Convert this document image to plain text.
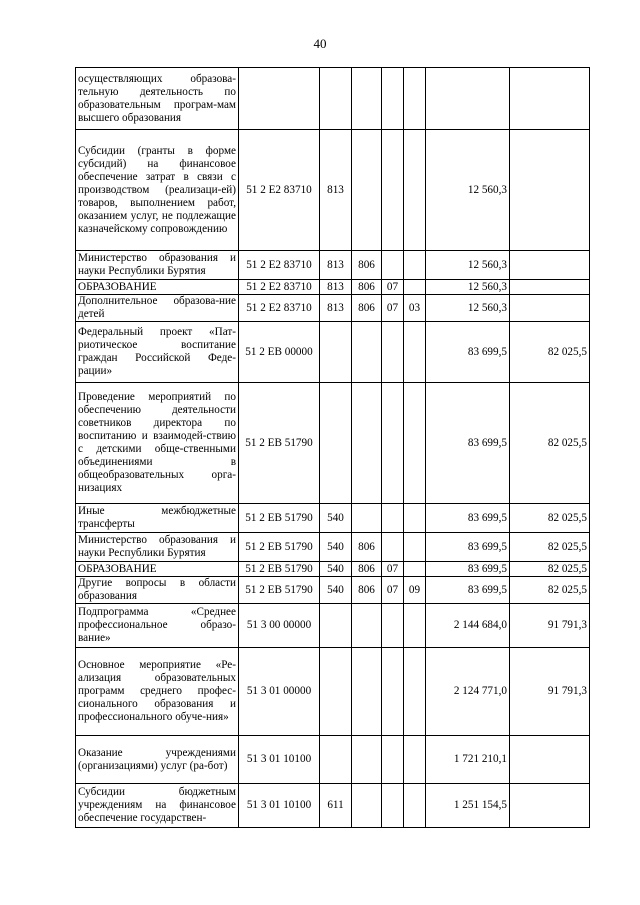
40
осуществляющих образова-тельную деятельность по образовательным програм-мам высшего образования							
Субсидии (гранты в форме субсидий) на финансовое обеспечение затрат в связи с производством (реализаци-ей) товаров, выполнением работ, оказанием услуг, не подлежащие казначейскому сопровождению	51 2 Е2 83710	813				12 560,3	
Министерство образования и науки Республики Бурятия	51 2 Е2 83710	813	806			12 560,3	
ОБРАЗОВАНИЕ	51 2 Е2 83710	813	806	07		12 560,3	
Дополнительное образова-ние детей	51 2 Е2 83710	813	806	07	03	12 560,3	
Федеральный проект «Пат-риотическое воспитание граждан Российской Феде-рации»	51 2 ЕВ 00000					83 699,5	82 025,5
Проведение мероприятий по обеспечению деятельности советников директора по воспитанию и взаимодей-ствию с детскими обще-ственными объединениями в общеобразовательных орга-низациях	51 2 ЕВ 51790					83 699,5	82 025,5
Иные межбюджетные трансферты	51 2 ЕВ 51790	540				83 699,5	82 025,5
Министерство образования и науки Республики Бурятия	51 2 ЕВ 51790	540	806			83 699,5	82 025,5
ОБРАЗОВАНИЕ	51 2 ЕВ 51790	540	806	07		83 699,5	82 025,5
Другие вопросы в области образования	51 2 ЕВ 51790	540	806	07	09	83 699,5	82 025,5
Подпрограмма «Среднее профессиональное образо-вание»	51 3 00 00000					2 144 684,0	91 791,3
Основное мероприятие «Ре-ализация образовательных программ среднего профес-сионального образования и профессионального обуче-ния»	51 3 01 00000					2 124 771,0	91 791,3
Оказание учреждениями (организациями) услуг (ра-бот)	51 3 01 10100					1 721 210,1	
Субсидии бюджетным учреждениям на финансовое обеспечение государствен-	51 3 01 10100	611				1 251 154,5	
